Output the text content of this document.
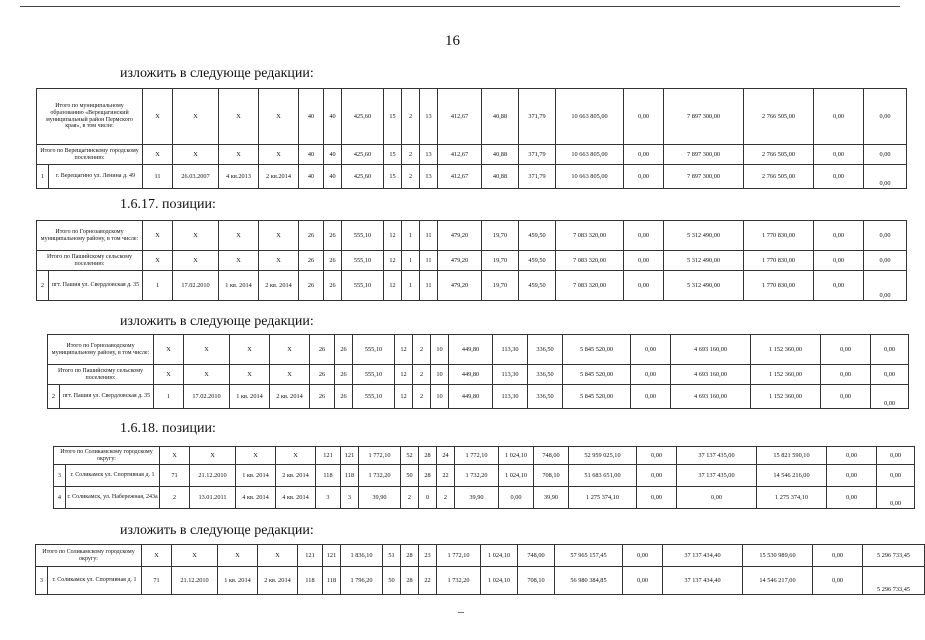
16
изложить в следующе редакции:
1.6.17. позиции:
изложить в следующе редакции:
1.6.18. позиции:
изложить в следующе редакции:
Итого по муниципальному образованию «Верещагинский муниципальный район Пермского края», в том числе:		X	X	X	X	40	40	425,60	15	2	13	412,67	40,88	371,79	10 663 805,00	0,00	7 897 300,00	2 766 505,00	0,00	0,00
Итого по Верещагинскому городскому поселению:		X	X	X	X	40	40	425,60	15	2	13	412,67	40,88	371,79	10 663 805,00	0,00	7 897 300,00	2 766 505,00	0,00	0,00
1	г. Верещагино ул. Ленина д. 49	11	26.03.2007	4 кв.2013	2 кв.2014	40	40	425,60	15	2	13	412,67	40,88	371,79	10 663 805,00	0,00	7 897 300,00	2 766 505,00	0,00	0,00
Итого по Горнозаводскому муниципальному району, в том числе:		X	X	X	X	26	26	555,10	12	1	11	479,20	19,70	459,50	7 083 320,00	0,00	5 312 490,00	1 770 830,00	0,00	0,00
Итого по Пашийскому сельскому поселению:		X	X	X	X	26	26	555,10	12	1	11	479,20	19,70	459,50	7 083 320,00	0,00	5 312 490,00	1 770 830,00	0,00	0,00
2	пгт. Пашия ул. Свердловская д. 35	1	17.02.2010	1 кв. 2014	2 кв. 2014	26	26	555,10	12	1	11	479,20	19,70	459,50	7 083 320,00	0,00	5 312 490,00	1 770 830,00	0,00	0,00
Итого по Горнозаводскому муниципальному району, в том числе:		X	X	X	X	26	26	555,10	12	2	10	449,80	113,30	336,50	5 845 520,00	0,00	4 693 160,00	1 152 360,00	0,00	0,00
Итого по Пашийскому сельскому поселению:		X	X	X	X	26	26	555,10	12	2	10	449,80	113,30	336,50	5 845 520,00	0,00	4 693 160,00	1 152 360,00	0,00	0,00
2	пгт. Пашия ул. Свердловская д. 35	1	17.02.2010	1 кв. 2014	2 кв. 2014	26	26	555,10	12	2	10	449,80	113,30	336,50	5 845 520,00	0,00	4 693 160,00	1 152 360,00	0,00	0,00
Итого по Соликамскому городскому округу:		X	X	X	X	121	121	1 772,10	52	28	24	1 772,10	1 024,10	748,00	52 959 025,10	0,00	37 137 435,00	15 821 590,10	0,00	0,00
3	г. Соликамск ул. Спортивная д. 1	71	21.12.2010	1 кв. 2014	2 кв. 2014	118	118	1 732,20	50	28	22	1 732,20	1 024,10	708,10	51 683 651,00	0,00	37 137 435,00	14 546 216,00	0,00	0,00
4	г. Соликамск, ул. Набережная, 243а	2	13.01.2011	4 кв. 2014	4 кв. 2014	3	3	39,90	2	0	2	39,90	0,00	39,90	1 275 374,10	0,00	0,00	1 275 374,10	0,00	0,00
Итого по Соликамскому городскому округу:		X	X	X	X	121	121	1 836,10	51	28	23	1 772,10	1 024,10	748,00	57 965 157,45	0,00	37 137 434,40	15 530 989,60	0,00	5 296 733,45
3	г. Соликамск ул. Спортивная д. 1	71	21.12.2010	1 кв. 2014	2 кв. 2014	118	118	1 796,20	50	28	22	1 732,20	1 024,10	708,10	56 980 384,85	0,00	37 137 434,40	14 546 217,00	0,00	5 296 733,45
